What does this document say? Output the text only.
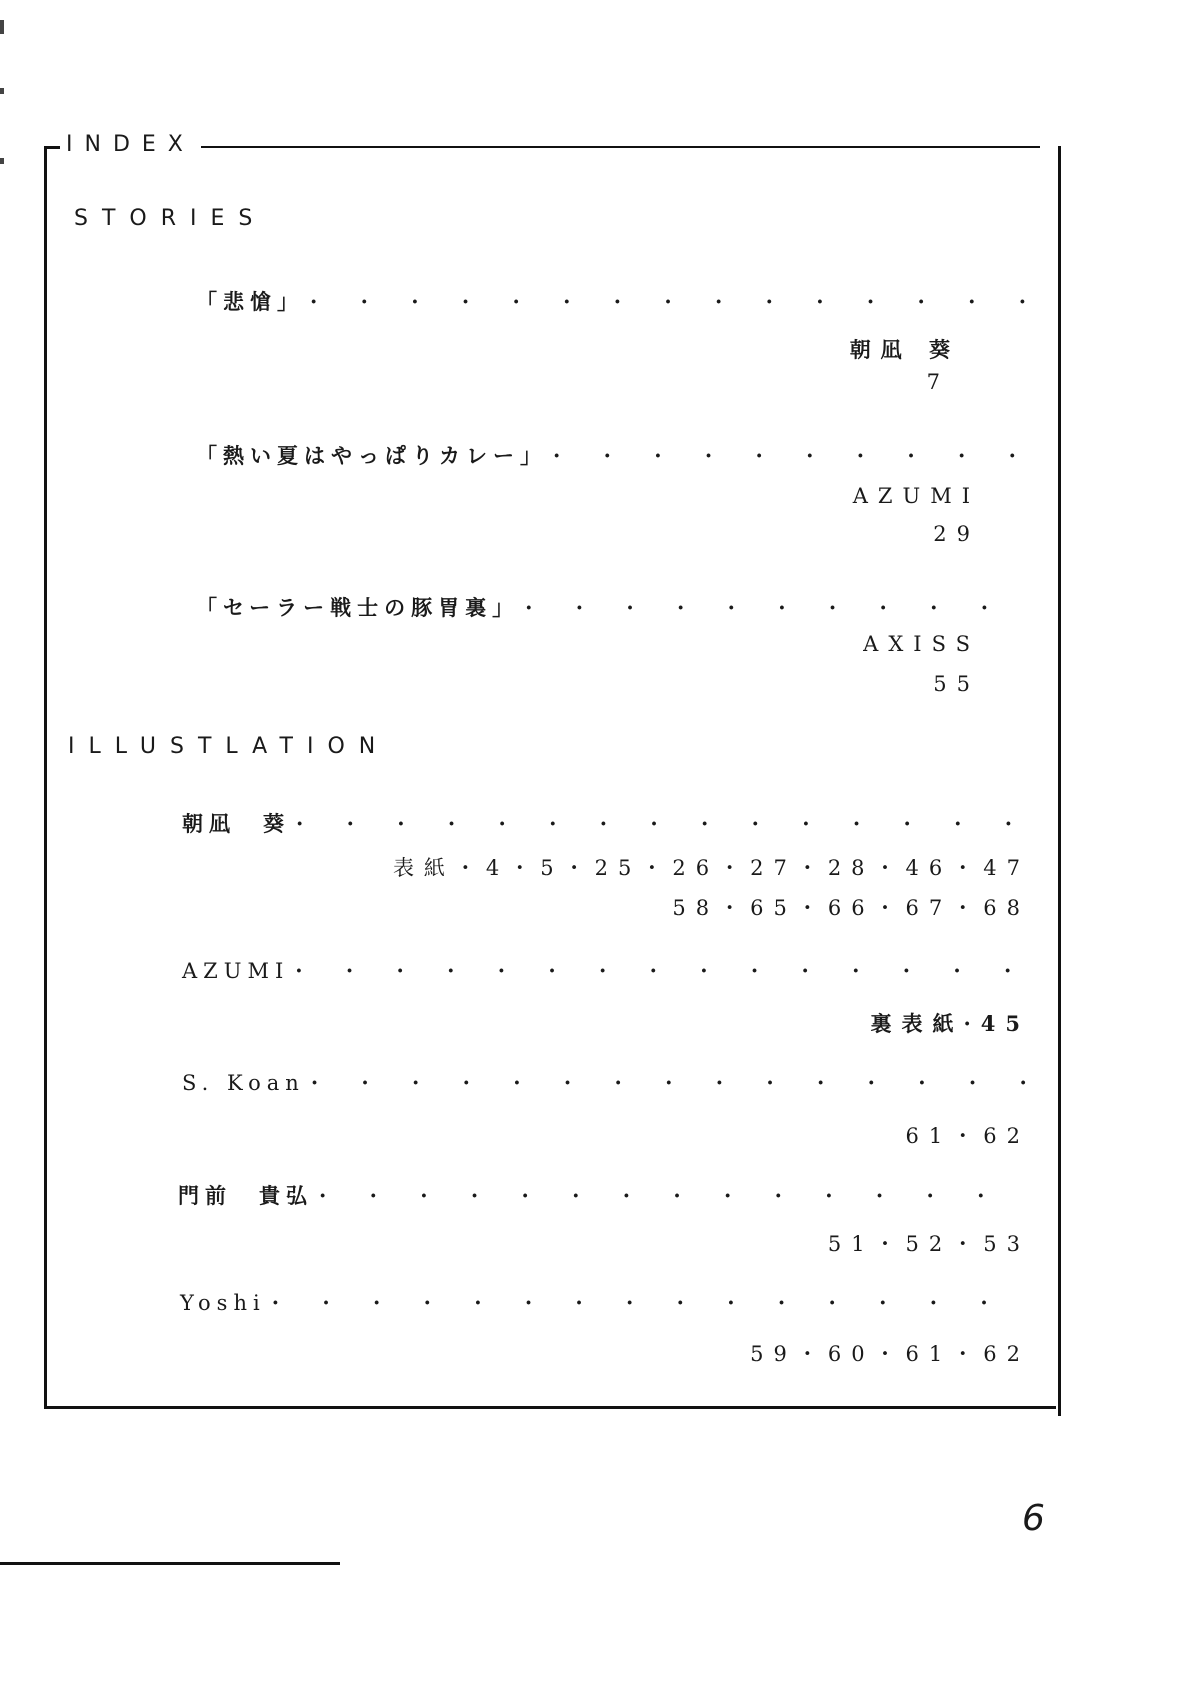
INDEX
STORIES
「悲愴」
· · ·
朝凪 葵
7
「熱い夏はやっぱりカレー」
· · ·
AZUMI
29
「セーラー戦士の豚胃裏」
· · ·
AXISS
55
ILLUSTLATION
朝凪　葵
· · ·
表紙・4・5・25・26・27・28・46・47
58・65・66・67・68
AZUMI
· · ·
裏表紙·45
S. Koan
· · ·
61・62
門前　貴弘
· · ·
51・52・53
Yoshi
· · ·
59・60・61・62
6
